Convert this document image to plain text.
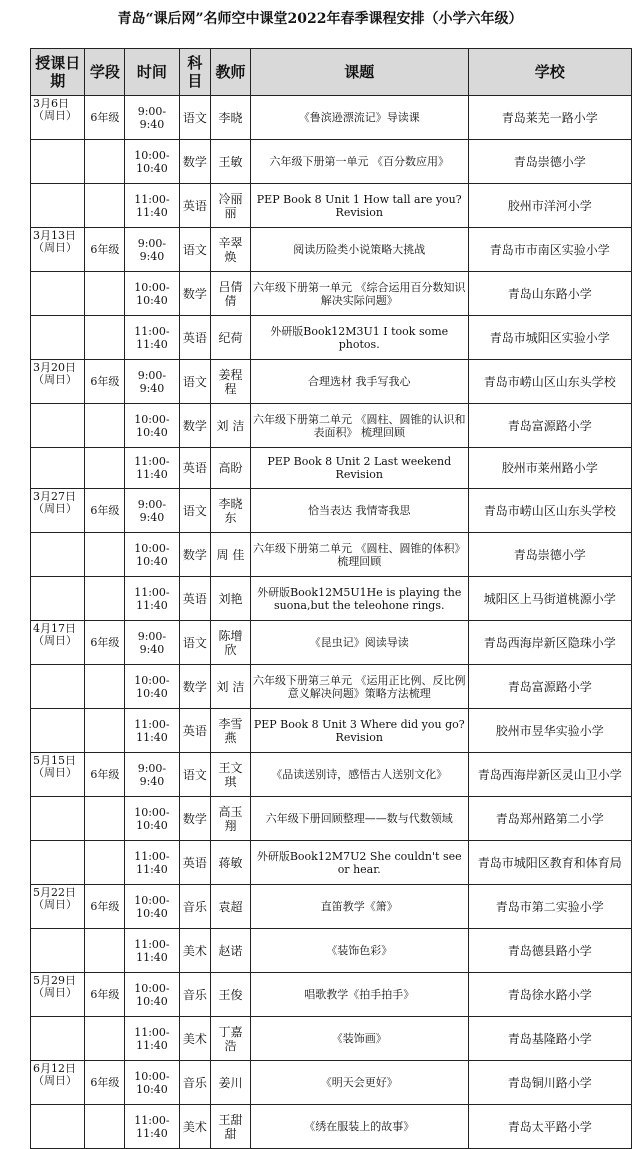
青岛“课后网”名师空中课堂2022年春季课程安排（小学六年级）
授课日期	学段	时间	科目	教师	课题	学校
3月6日（周日）	6年级	9:00-9:40	语文	李晓	《鲁滨逊漂流记》导读课	青岛莱芜一路小学
		10:00-10:40	数学	王敏	六年级下册第一单元 《百分数应用》	青岛崇德小学
		11:00-11:40	英语	冷丽丽	PEP Book 8 Unit 1 How tall are you? Revision	胶州市洋河小学
3月13日（周日）	6年级	9:00-9:40	语文	辛翠焕	阅读历险类小说策略大挑战	青岛市市南区实验小学
		10:00-10:40	数学	吕倩倩	六年级下册第一单元 《综合运用百分数知识解决实际问题》	青岛山东路小学
		11:00-11:40	英语	纪荷	外研版Book12M3U1 I took some photos.	青岛市城阳区实验小学
3月20日（周日）	6年级	9:00-9:40	语文	姜程程	合理选材 我手写我心	青岛市崂山区山东头学校
		10:00-10:40	数学	刘 洁	六年级下册第二单元 《圆柱、圆锥的认识和表面积》 梳理回顾	青岛富源路小学
		11:00-11:40	英语	高盼	PEP Book 8 Unit 2 Last weekend Revision	胶州市莱州路小学
3月27日（周日）	6年级	9:00-9:40	语文	李晓东	恰当表达 我情寄我思	青岛市崂山区山东头学校
		10:00-10:40	数学	周 佳	六年级下册第二单元 《圆柱、圆锥的体积》梳理回顾	青岛崇德小学
		11:00-11:40	英语	刘艳	外研版Book12M5U1He is playing the suona,but the teleohone rings.	城阳区上马街道桃源小学
4月17日（周日）	6年级	9:00-9:40	语文	陈增欣	《昆虫记》阅读导读	青岛西海岸新区隐珠小学
		10:00-10:40	数学	刘 洁	六年级下册第三单元 《运用正比例、反比例意义解决问题》策略方法梳理	青岛富源路小学
		11:00-11:40	英语	李雪燕	PEP Book 8 Unit 3 Where did you go? Revision	胶州市昱华实验小学
5月15日（周日）	6年级	9:00-9:40	语文	王文琪	《品读送别诗，感悟古人送别文化》	青岛西海岸新区灵山卫小学
		10:00-10:40	数学	高玉翔	六年级下册回顾整理——数与代数领域	青岛郑州路第二小学
		11:00-11:40	英语	蒋敏	外研版Book12M7U2 She couldn't see or hear.	青岛市城阳区教育和体育局
5月22日（周日）	6年级	10:00-10:40	音乐	袁超	直笛教学《箫》	青岛市第二实验小学
		11:00-11:40	美术	赵诺	《装饰色彩》	青岛德县路小学
5月29日（周日）	6年级	10:00-10:40	音乐	王俊	唱歌教学《拍手拍手》	青岛徐水路小学
		11:00-11:40	美术	丁嘉浩	《装饰画》	青岛基隆路小学
6月12日（周日）	6年级	10:00-10:40	音乐	姜川	《明天会更好》	青岛铜川路小学
		11:00-11:40	美术	王甜甜	《绣在服装上的故事》	青岛太平路小学
